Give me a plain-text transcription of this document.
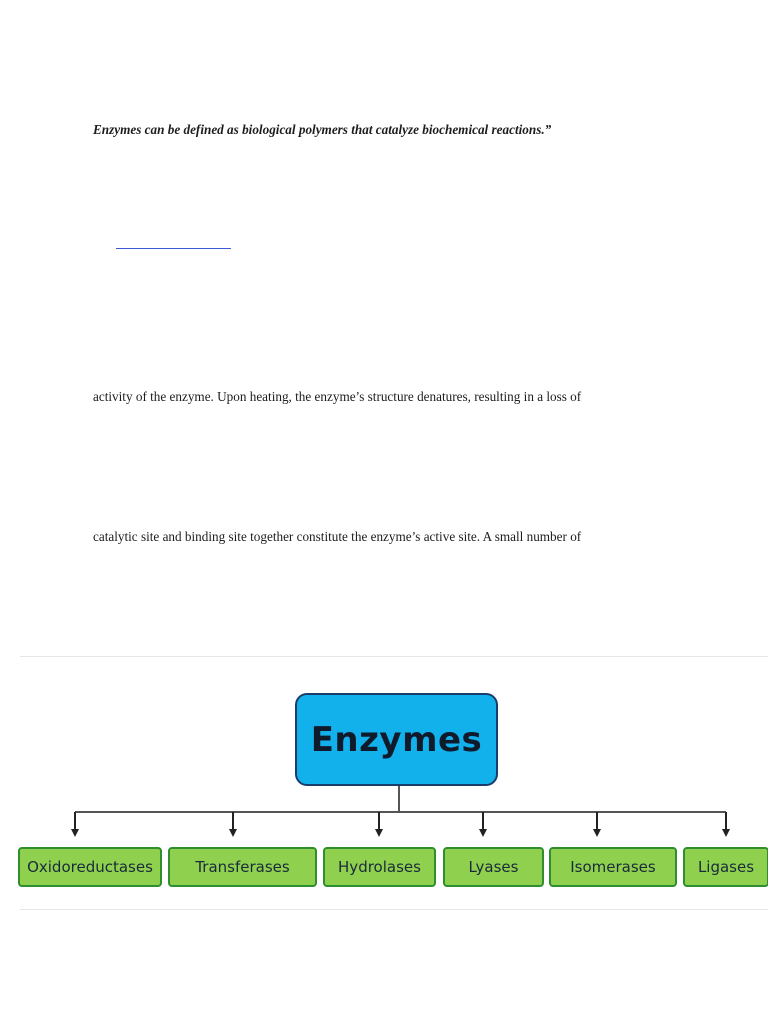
Enzymes can be defined as biological polymers that catalyze biochemical reactions.”
activity of the enzyme. Upon heating, the enzyme’s structure denatures, resulting in a loss of
catalytic site and binding site together constitute the enzyme’s active site. A small number of
Enzymes
Oxidoreductases	Transferases	Hydrolases	Lyases	Isomerases	Ligases
